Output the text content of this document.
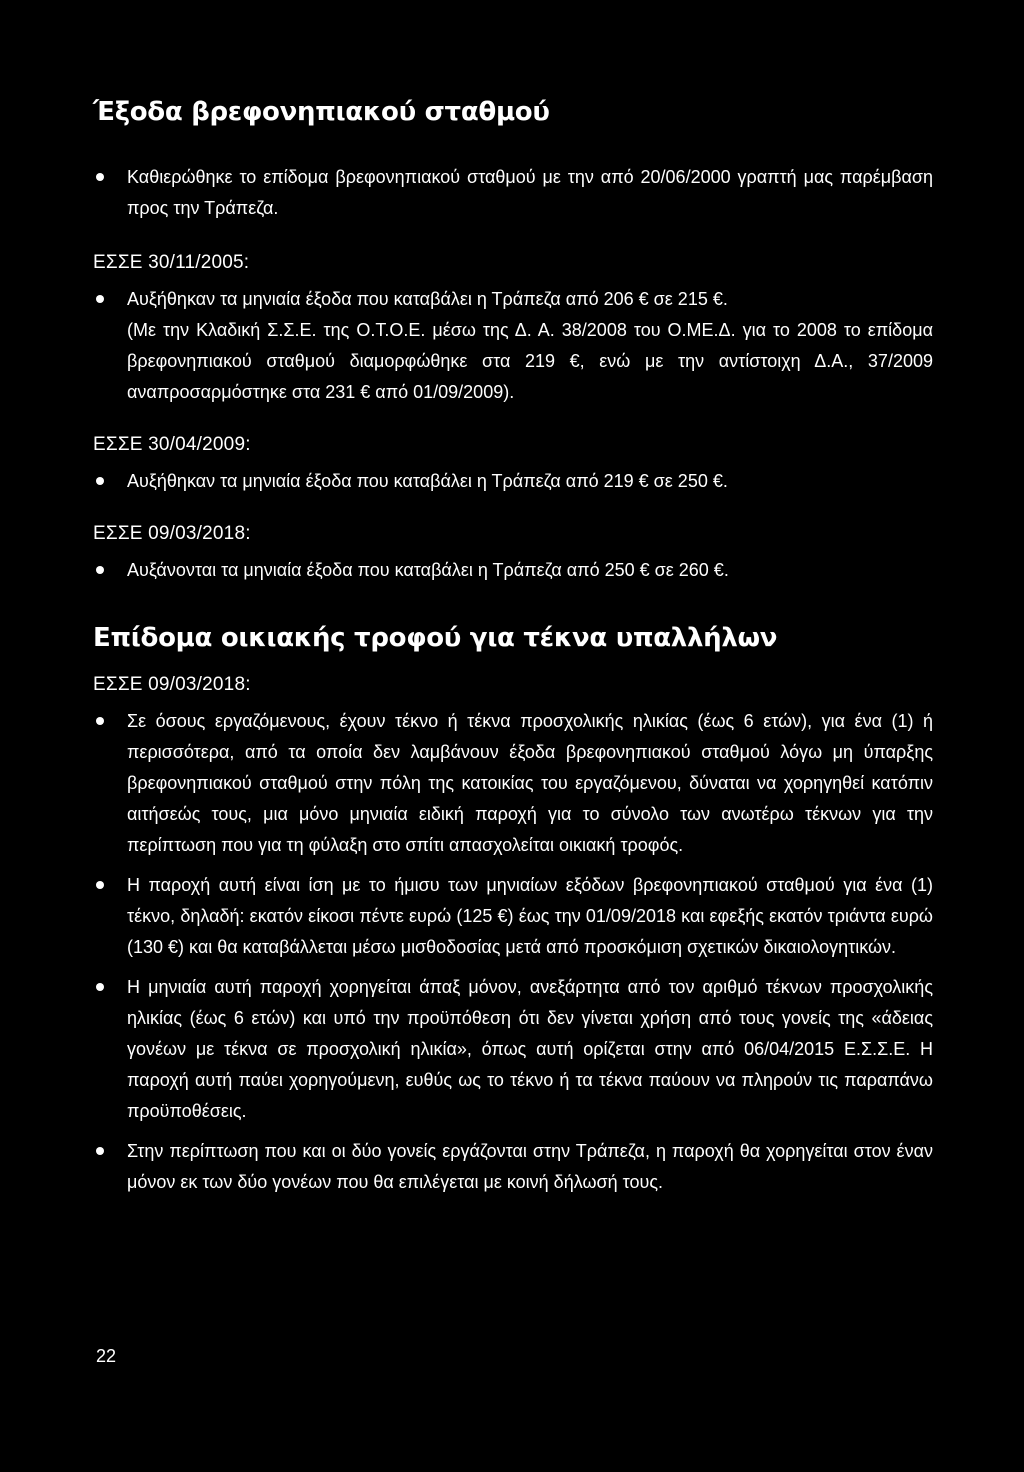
Έξοδα βρεφονηπιακού σταθμού
Καθιερώθηκε το επίδομα βρεφονηπιακού σταθμού με την από 20/06/2000 γραπτή μας παρέμβαση προς την Τράπεζα.
ΕΣΣΕ 30/11/2005:
Αυξήθηκαν τα μηνιαία έξοδα που καταβάλει η Τράπεζα από 206 € σε 215 €.
(Με την Κλαδική Σ.Σ.Ε. της Ο.Τ.Ο.Ε. μέσω της Δ. Α. 38/2008 του Ο.ΜΕ.Δ. για το 2008 το επίδομα βρεφονηπιακού σταθμού διαμορφώθηκε στα 219 €, ενώ με την αντίστοιχη Δ.Α., 37/2009 αναπροσαρμόστηκε στα 231 € από 01/09/2009).
ΕΣΣΕ 30/04/2009:
Αυξήθηκαν τα μηνιαία έξοδα που καταβάλει η Τράπεζα από 219 € σε 250 €.
ΕΣΣΕ 09/03/2018:
Αυξάνονται τα μηνιαία έξοδα που καταβάλει η Τράπεζα από 250 € σε 260 €.
Επίδομα οικιακής τροφού για τέκνα υπαλλήλων
ΕΣΣΕ 09/03/2018:
Σε όσους εργαζόμενους, έχουν τέκνο ή τέκνα προσχολικής ηλικίας (έως 6 ετών), για ένα (1) ή περισσότερα, από τα οποία δεν λαμβάνουν έξοδα βρεφονηπιακού σταθμού λόγω μη ύπαρξης βρεφονηπιακού σταθμού στην πόλη της κατοικίας του εργαζόμενου, δύναται να χορηγηθεί κατόπιν αιτήσεώς τους, μια μόνο μηνιαία ειδική παροχή για το σύνολο των ανωτέρω τέκνων για την περίπτωση που για τη φύλαξη στο σπίτι απασχολείται οικιακή τροφός.
Η παροχή αυτή είναι ίση με το ήμισυ των μηνιαίων εξόδων βρεφονηπιακού σταθμού για ένα (1) τέκνο, δηλαδή: εκατόν είκοσι πέντε ευρώ (125 €) έως την 01/09/2018 και εφεξής εκατόν τριάντα ευρώ (130 €) και θα καταβάλλεται μέσω μισθοδοσίας μετά από προσκόμιση σχετικών δικαιολογητικών.
Η μηνιαία αυτή παροχή χορηγείται άπαξ μόνον, ανεξάρτητα από τον αριθμό τέκνων προσχολικής ηλικίας (έως 6 ετών) και υπό την προϋπόθεση ότι δεν γίνεται χρήση από τους γονείς της «άδειας γονέων με τέκνα σε προσχολική ηλικία», όπως αυτή ορίζεται στην από 06/04/2015 Ε.Σ.Σ.Ε. Η παροχή αυτή παύει χορηγούμενη, ευθύς ως το τέκνο ή τα τέκνα παύουν να πληρούν τις παραπάνω προϋποθέσεις.
Στην περίπτωση που και οι δύο γονείς εργάζονται στην Τράπεζα, η παροχή θα χορηγείται στον έναν μόνον εκ των δύο γονέων που θα επιλέγεται με κοινή δήλωσή τους.
22
